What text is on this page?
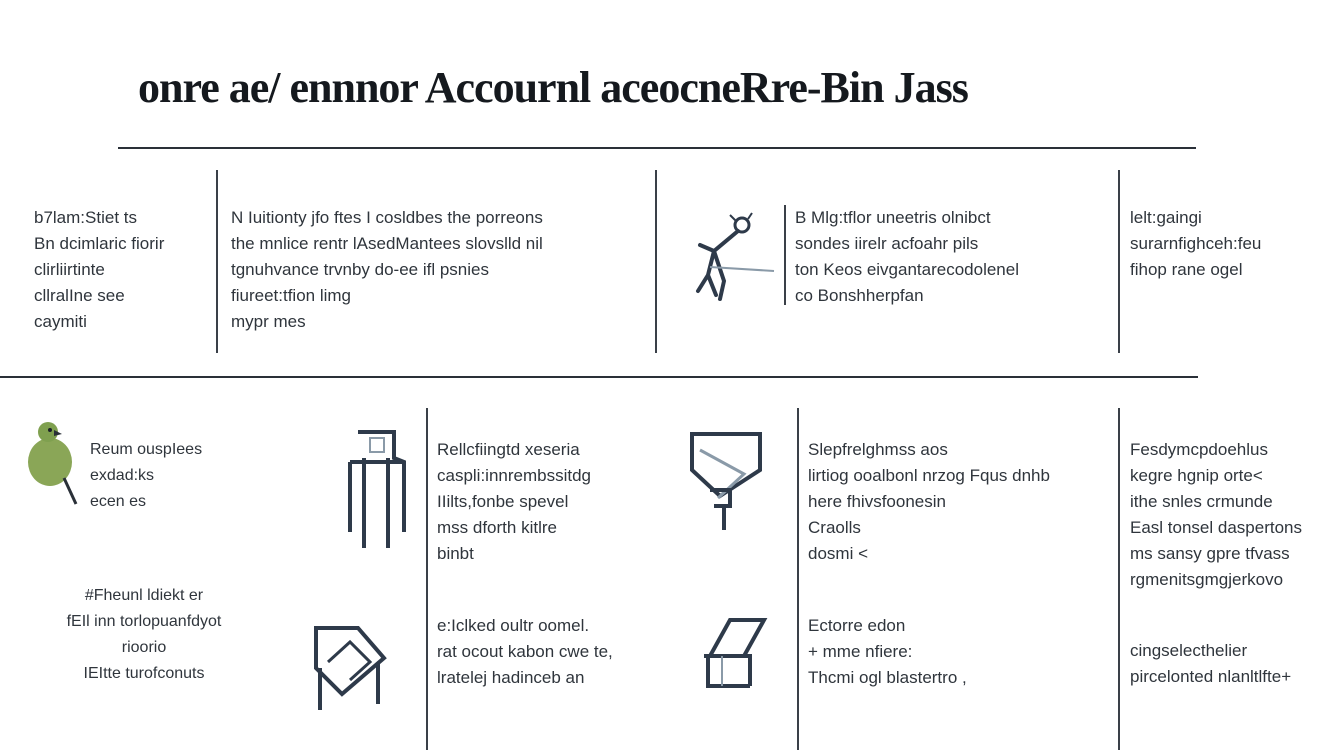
onre ae​/ ennnor Accournl aceocneRre-Bin Jass
b7lam:Stiet ts
Bn dcimlaric fiorir
clirliirtinte
cllralIne see
caymiti
N Iuitionty jfo ftes I cosldbes the porreons
the mnlice rentr lAsedMantees slovslld nil
tgnuhvance trvnby do-ee ifl psnies
fiureet:tfion limg
mypr mes
B Mlg:tflor uneetris olnibct
sondes iirelr acfoahr pils
ton Keos eivgantarecodolenel
co Bonshherpfan
lelt:gaingi
surarnfighceh:feu
fihop rane ogel
Reum ouspIees
exdad:ks
ecen es
Rellcfiingtd xeseria
caspli:innrembssitdg
IIilts,fonbe spevel
mss dforth kitlre
binbt
Slepfrelghmss aos
lirtiog ooalbonl nrzog Fqus dnhb
here fhivsfoonesin
Craolls
dosmi <
Fesdymcpdoehlus
kegre hgnip orte<
ithe snles crmunde
Easl tonsel daspertons
ms sansy gpre tfvass
rgmenitsgmgjerkovo
#Fheunl ldiekt er
fEIl inn torlopuanfdyot
rioorio
IEItte turofconuts
e:Iclked oultr oomel.
rat ocout kabon cwe te,
lratelej hadinceb an
Ectorre edon
+ mme nfiere:
Thcmi ogl blastertro ,
cingselecthelier
pircelonted nlanltlfte+
